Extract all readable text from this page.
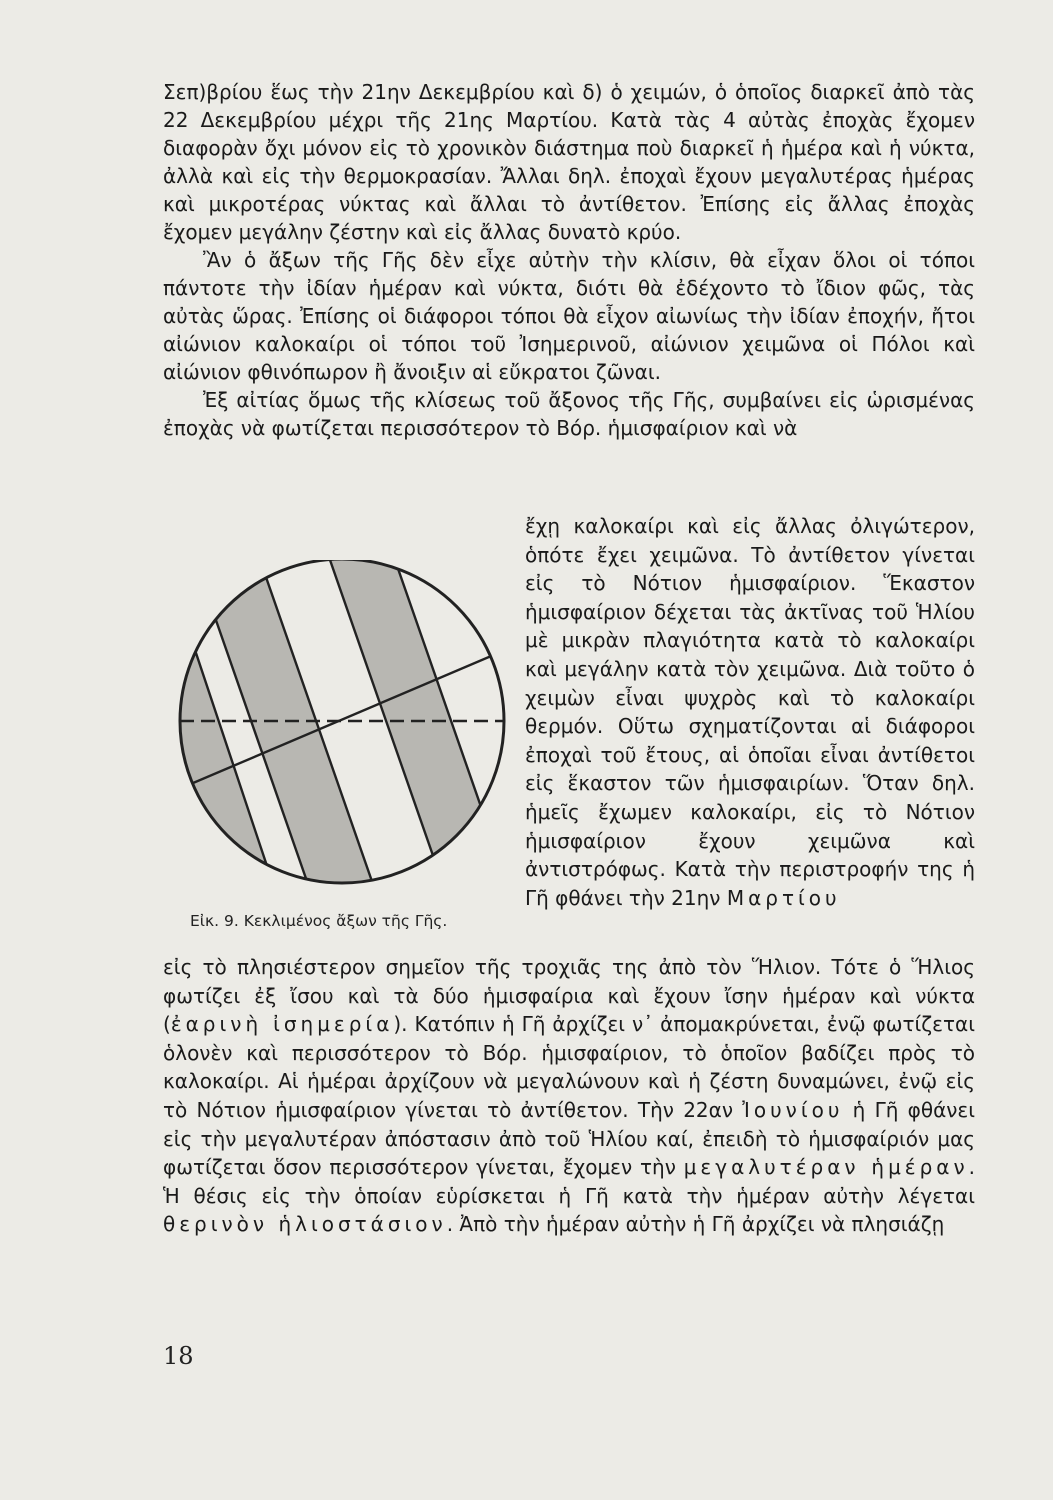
Σεπ)βρίου ἕως τὴν 21ην Δεκεμβρίου καὶ δ) ὁ χειμών, ὁ ὁποῖος διαρκεῖ ἀπὸ τὰς 22 Δεκεμβρίου μέχρι τῆς 21ης Μαρτίου. Κατὰ τὰς 4 αὐτὰς ἐποχὰς ἔχομεν διαφορὰν ὄχι μόνον εἰς τὸ χρονικὸν διάστημα ποὺ διαρκεῖ ἡ ἡμέρα καὶ ἡ νύκτα, ἀλλὰ καὶ εἰς τὴν θερμοκρασίαν. Ἄλλαι δηλ. ἐποχαὶ ἔχουν μεγαλυτέρας ἡμέρας καὶ μικροτέρας νύκτας καὶ ἄλλαι τὸ ἀντίθετον. Ἐπίσης εἰς ἄλλας ἐποχὰς ἔχομεν μεγάλην ζέστην καὶ εἰς ἄλλας δυνατὸ κρύο.

Ἂν ὁ ἄξων τῆς Γῆς δὲν εἶχε αὐτὴν τὴν κλίσιν, θὰ εἶχαν ὅλοι οἱ τόποι πάντοτε τὴν ἰδίαν ἡμέραν καὶ νύκτα, διότι θὰ ἐδέχοντο τὸ ἴδιον φῶς, τὰς αὐτὰς ὥρας. Ἐπίσης οἱ διάφοροι τόποι θὰ εἶχον αἰωνίως τὴν ἰδίαν ἐποχήν, ἤτοι αἰώνιον καλοκαίρι οἱ τόποι τοῦ Ἰσημερινοῦ, αἰώνιον χειμῶνα οἱ Πόλοι καὶ αἰώνιον φθινόπωρον ἢ ἄνοιξιν αἱ εὔκρατοι ζῶναι.

Ἐξ αἰτίας ὅμως τῆς κλίσεως τοῦ ἄξονος τῆς Γῆς, συμβαίνει εἰς ὡρισμένας ἐποχὰς νὰ φωτίζεται περισσότερον τὸ Βόρ. ἡμισφαίριον καὶ νὰ

Εἰκ. 9. Κεκλιμένος ἄξων τῆς Γῆς.
ἔχῃ καλοκαίρι καὶ εἰς ἄλλας ὀλιγώτερον, ὁπότε ἔχει χειμῶνα. Τὸ ἀντίθετον γίνεται εἰς τὸ Νότιον ἡμισφαίριον. Ἕκαστον ἡμισφαίριον δέχεται τὰς ἀκτῖνας τοῦ Ἡλίου μὲ μικρὰν πλαγιότητα κατὰ τὸ καλοκαίρι καὶ μεγάλην κατὰ τὸν χειμῶνα. Διὰ τοῦτο ὁ χειμὼν εἶναι ψυχρὸς καὶ τὸ καλοκαίρι θερμόν. Οὕτω σχηματίζονται αἱ διάφοροι ἐποχαὶ τοῦ ἔτους, αἱ ὁποῖαι εἶναι ἀντίθετοι εἰς ἕκαστον τῶν ἡμισφαιρίων. Ὅταν δηλ. ἡμεῖς ἔχωμεν καλοκαίρι, εἰς τὸ Νότιον ἡμισφαίριον ἔχουν χειμῶνα καὶ ἀντιστρόφως. Κατὰ τὴν περιστροφήν της ἡ Γῆ φθάνει τὴν 21ην Μαρτίου
εἰς τὸ πλησιέστερον σημεῖον τῆς τροχιᾶς της ἀπὸ τὸν Ἥλιον. Τότε ὁ Ἥλιος φωτίζει ἐξ ἴσου καὶ τὰ δύο ἡμισφαίρια καὶ ἔχουν ἴσην ἡμέραν καὶ νύκτα (ἐαρινὴ ἰσημερία). Κατόπιν ἡ Γῆ ἀρχίζει ν᾽ ἀπομακρύνεται, ἐνῷ φωτίζεται ὁλονὲν καὶ περισσότερον τὸ Βόρ. ἡμισφαίριον, τὸ ὁποῖον βαδίζει πρὸς τὸ καλοκαίρι. Αἱ ἡμέραι ἀρχίζουν νὰ μεγαλώνουν καὶ ἡ ζέστη δυναμώνει, ἐνῷ εἰς τὸ Νότιον ἡμισφαίριον γίνεται τὸ ἀντίθετον. Τὴν 22αν Ἰουνίου ἡ Γῆ φθάνει εἰς τὴν μεγαλυτέραν ἀπόστασιν ἀπὸ τοῦ Ἡλίου καί, ἐπειδὴ τὸ ἡμισφαίριόν μας φωτίζεται ὅσον περισσότερον γίνεται, ἔχομεν τὴν μεγαλυτέραν ἡμέραν. Ἡ θέσις εἰς τὴν ὁποίαν εὑρίσκεται ἡ Γῆ κατὰ τὴν ἡμέραν αὐτὴν λέγεται θερινὸν ἡλιοστάσιον. Ἀπὸ τὴν ἡμέραν αὐτὴν ἡ Γῆ ἀρχίζει νὰ πλησιάζῃ
18
